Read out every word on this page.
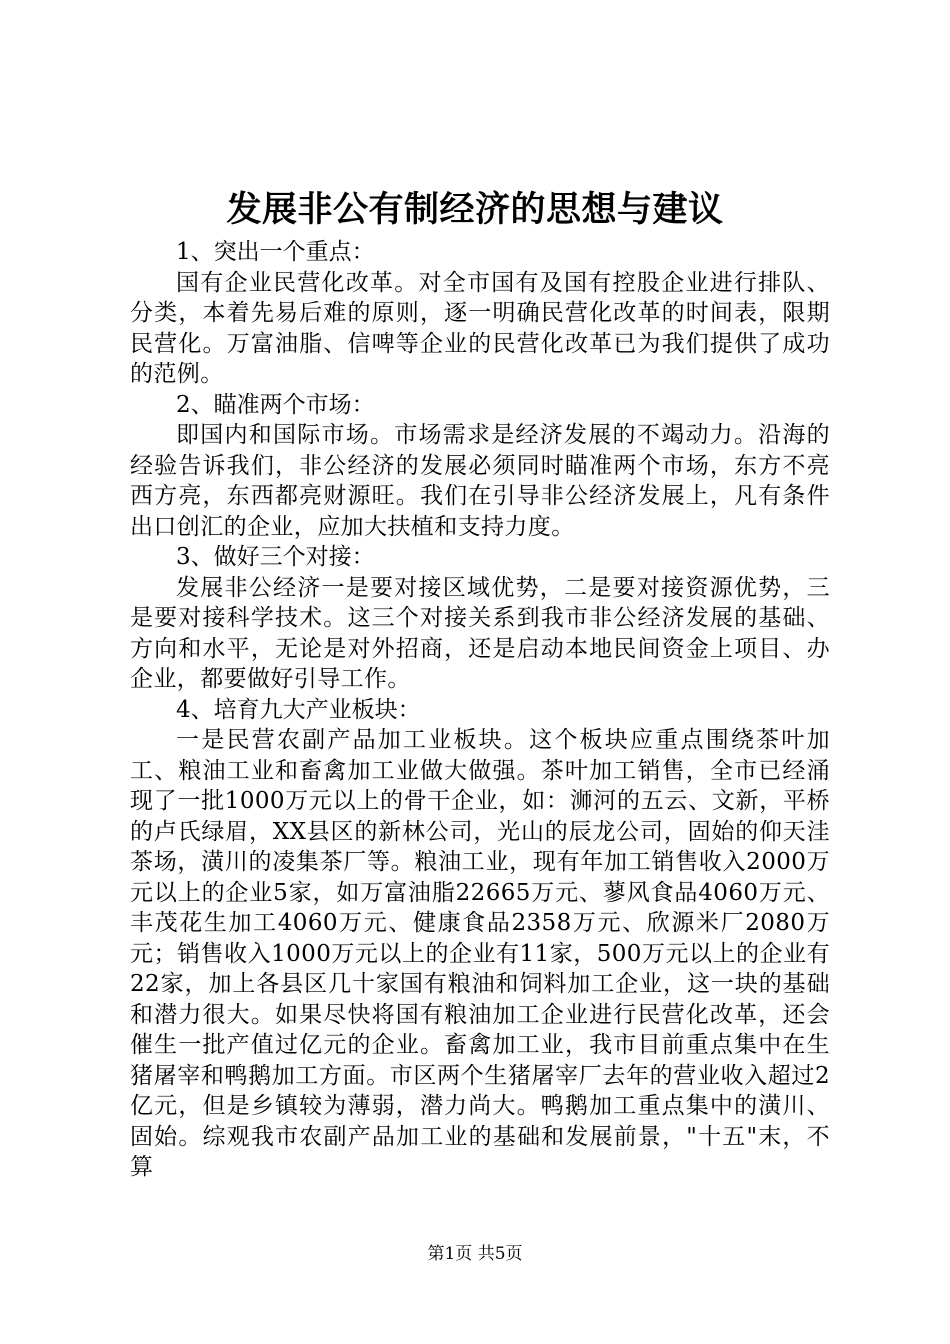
发展非公有制经济的思想与建议

1、突出一个重点：

国有企业民营化改革。对全市国有及国有控股企业进行排队、分类，本着先易后难的原则，逐一明确民营化改革的时间表，限期民营化。万富油脂、信啤等企业的民营化改革已为我们提供了成功的范例。

2、瞄准两个市场：

即国内和国际市场。市场需求是经济发展的不竭动力。沿海的经验告诉我们，非公经济的发展必须同时瞄准两个市场，东方不亮西方亮，东西都亮财源旺。我们在引导非公经济发展上，凡有条件出口创汇的企业，应加大扶植和支持力度。

3、做好三个对接：

发展非公经济一是要对接区域优势，二是要对接资源优势，三是要对接科学技术。这三个对接关系到我市非公经济发展的基础、方向和水平，无论是对外招商，还是启动本地民间资金上项目、办企业，都要做好引导工作。

4、培育九大产业板块：

一是民营农副产品加工业板块。这个板块应重点围绕茶叶加工、粮油工业和畜禽加工业做大做强。茶叶加工销售，全市已经涌现了一批1000万元以上的骨干企业，如：浉河的五云、文新，平桥的卢氏绿眉，XX县区的新林公司，光山的辰龙公司，固始的仰天洼茶场，潢川的凌集茶厂等。粮油工业，现有年加工销售收入2000万元以上的企业5家，如万富油脂22665万元、蓼风食品4060万元、丰茂花生加工4060万元、健康食品2358万元、欣源米厂2080万元；销售收入1000万元以上的企业有11家，500万元以上的企业有22家，加上各县区几十家国有粮油和饲料加工企业，这一块的基础和潜力很大。如果尽快将国有粮油加工企业进行民营化改革，还会催生一批产值过亿元的企业。畜禽加工业，我市目前重点集中在生猪屠宰和鸭鹅加工方面。市区两个生猪屠宰厂去年的营业收入超过2亿元，但是乡镇较为薄弱，潜力尚大。鸭鹅加工重点集中的潢川、固始。综观我市农副产品加工业的基础和发展前景，"十五"末，不算

第1页 共5页
